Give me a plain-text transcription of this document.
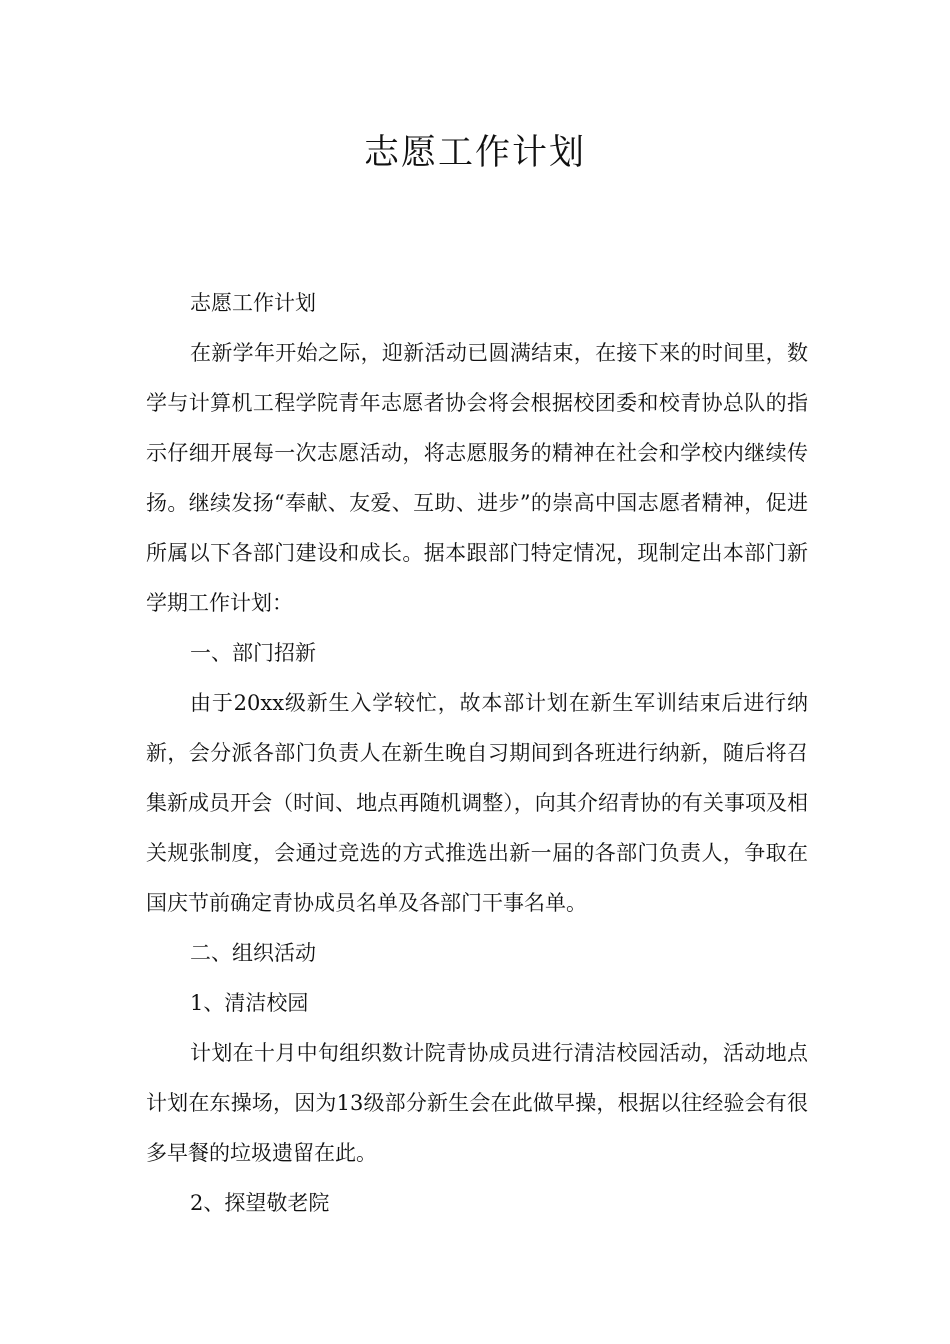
志愿工作计划

志愿工作计划

在新学年开始之际，迎新活动已圆满结束，在接下来的时间里，数学与计算机工程学院青年志愿者协会将会根据校团委和校青协总队的指示仔细开展每一次志愿活动，将志愿服务的精神在社会和学校内继续传扬。继续发扬“奉献、友爱、互助、进步”的崇高中国志愿者精神，促进所属以下各部门建设和成长。据本跟部门特定情况，现制定出本部门新学期工作计划：

一、部门招新

由于20xx级新生入学较忙，故本部计划在新生军训结束后进行纳新，会分派各部门负责人在新生晚自习期间到各班进行纳新，随后将召集新成员开会（时间、地点再随机调整），向其介绍青协的有关事项及相关规张制度，会通过竞选的方式推选出新一届的各部门负责人，争取在国庆节前确定青协成员名单及各部门干事名单。

二、组织活动

1、清洁校园

计划在十月中旬组织数计院青协成员进行清洁校园活动，活动地点计划在东操场，因为13级部分新生会在此做早操，根据以往经验会有很多早餐的垃圾遗留在此。

2、探望敬老院
